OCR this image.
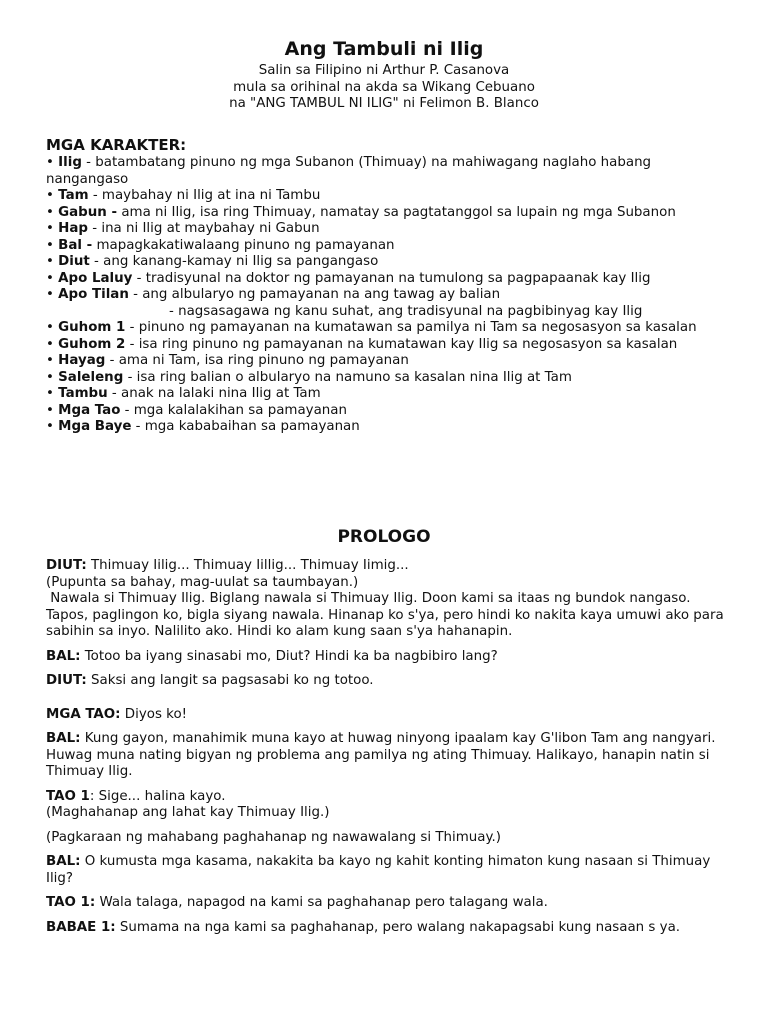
Ang Tambuli ni Ilig
Salin sa Filipino ni Arthur P. Casanova
mula sa orihinal na akda sa Wikang Cebuano
na "ANG TAMBUL NI ILIG" ni Felimon B. Blanco
MGA KARAKTER:

• Ilig - batambatang pinuno ng mga Subanon (Thimuay) na mahiwagang naglaho habang nangangaso

• Tam - maybahay ni Ilig at ina ni Tambu

• Gabun - ama ni Ilig, isa ring Thimuay, namatay sa pagtatanggol sa lupain ng mga Subanon

• Hap - ina ni Ilig at maybahay ni Gabun

• Bal - mapagkakatiwalaang pinuno ng pamayanan

• Diut - ang kanang-kamay ni Ilig sa pangangaso

• Apo Laluy - tradisyunal na doktor ng pamayanan na tumulong sa pagpapaanak kay Ilig

• Apo Tilan - ang albularyo ng pamayanan na ang tawag ay balian

- nagsasagawa ng kanu suhat, ang tradisyunal na pagbibinyag kay Ilig

• Guhom 1 - pinuno ng pamayanan na kumatawan sa pamilya ni Tam sa negosasyon sa kasalan

• Guhom 2 - isa ring pinuno ng pamayanan na kumatawan kay Ilig sa negosasyon sa kasalan

• Hayag - ama ni Tam, isa ring pinuno ng pamayanan

• Saleleng - isa ring balian o albularyo na namuno sa kasalan nina Ilig at Tam

• Tambu - anak na lalaki nina Ilig at Tam

• Mga Tao - mga kalalakihan sa pamayanan

• Mga Baye - mga kababaihan sa pamayanan

PROLOGO

DIUT: Thimuay Iilig... Thimuay Iillig... Thimuay Iimig...

(Pupunta sa bahay, mag-uulat sa taumbayan.)

Nawala si Thimuay Ilig. Biglang nawala si Thimuay Ilig. Doon kami sa itaas ng bundok nangaso. Tapos, paglingon ko, bigla siyang nawala. Hinanap ko s'ya, pero hindi ko nakita kaya umuwi ako para sabihin sa inyo. Nalilito ako. Hindi ko alam kung saan s'ya hahanapin.

BAL: Totoo ba iyang sinasabi mo, Diut? Hindi ka ba nagbibiro lang?

DIUT: Saksi ang langit sa pagsasabi ko ng totoo.

MGA TAO: Diyos ko!

BAL: Kung gayon, manahimik muna kayo at huwag ninyong ipaalam kay G'libon Tam ang nangyari. Huwag muna nating bigyan ng problema ang pamilya ng ating Thimuay. Halikayo, hanapin natin si Thimuay Ilig.

TAO 1: Sige... halina kayo.

(Maghahanap ang lahat kay Thimuay Ilig.)

(Pagkaraan ng mahabang paghahanap ng nawawalang si Thimuay.)

BAL: O kumusta mga kasama, nakakita ba kayo ng kahit konting himaton kung nasaan si Thimuay Ilig?

TAO 1: Wala talaga, napagod na kami sa paghahanap pero talagang wala.

BABAE 1: Sumama na nga kami sa paghahanap, pero walang nakapagsabi kung nasaan s ya.
